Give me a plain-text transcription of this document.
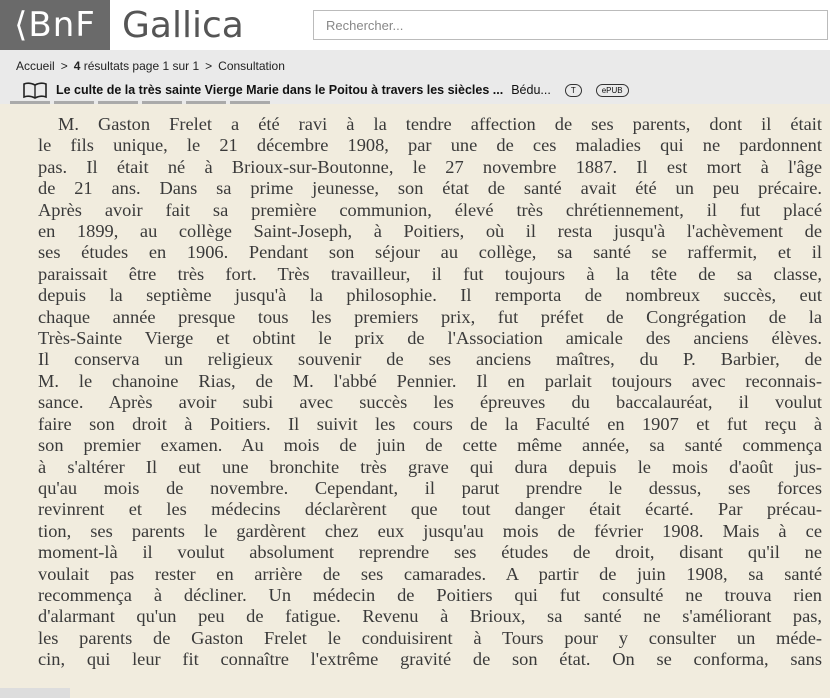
⟨BnF Gallica
Rechercher...
Accueil > 4 résultats page 1 sur 1 > Consultation
Le culte de la très sainte Vierge Marie dans le Poitou à travers les siècles ... Bédu...	T	ePUB
M. Gaston Frelet a été ravi à la tendre affection de ses parents, dont il était
le fils unique, le 21 décembre 1908, par une de ces maladies qui ne pardonnent
pas. Il était né à Brioux-sur-Boutonne, le 27 novembre 1887. Il est mort à l'âge
de 21 ans. Dans sa prime jeunesse, son état de santé avait été un peu précaire.
Après avoir fait sa première communion, élevé très chrétiennement, il fut placé
en 1899, au collège Saint-Joseph, à Poitiers, où il resta jusqu'à l'achèvement de
ses études en 1906. Pendant son séjour au collège, sa santé se raffermit, et il
paraissait être très fort. Très travailleur, il fut toujours à la tête de sa classe,
depuis la septième jusqu'à la philosophie. Il remporta de nombreux succès, eut
chaque année presque tous les premiers prix, fut préfet de Congrégation de la
Très-Sainte Vierge et obtint le prix de l'Association amicale des anciens élèves.
Il conserva un religieux souvenir de ses anciens maîtres, du P. Barbier, de
M. le chanoine Rias, de M. l'abbé Pennier. Il en parlait toujours avec reconnais-
sance. Après avoir subi avec succès les épreuves du baccalauréat, il voulut
faire son droit à Poitiers. Il suivit les cours de la Faculté en 1907 et fut reçu à
son premier examen. Au mois de juin de cette même année, sa santé commença
à s'altérer Il eut une bronchite très grave qui dura depuis le mois d'août jus-
qu'au mois de novembre. Cependant, il parut prendre le dessus, ses forces
revinrent et les médecins déclarèrent que tout danger était écarté. Par précau-
tion, ses parents le gardèrent chez eux jusqu'au mois de février 1908. Mais à ce
moment-là il voulut absolument reprendre ses études de droit, disant qu'il ne
voulait pas rester en arrière de ses camarades. A partir de juin 1908, sa santé
recommença à décliner. Un médecin de Poitiers qui fut consulté ne trouva rien
d'alarmant qu'un peu de fatigue. Revenu à Brioux, sa santé ne s'améliorant pas,
les parents de Gaston Frelet le conduisirent à Tours pour y consulter un méde-
cin, qui leur fit connaître l'extrême gravité de son état. On se conforma, sans
